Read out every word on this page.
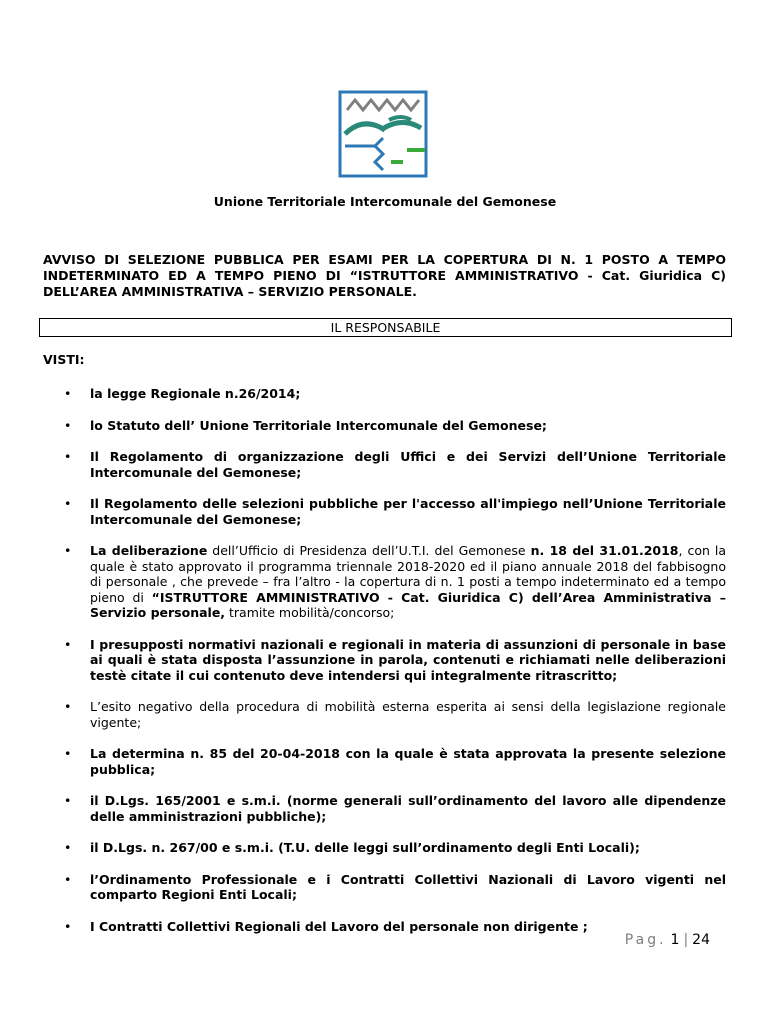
Unione Territoriale Intercomunale del Gemonese
AVVISO DI SELEZIONE PUBBLICA PER ESAMI PER LA COPERTURA DI N. 1 POSTO A TEMPO INDETERMINATO ED A TEMPO PIENO DI “ISTRUTTORE AMMINISTRATIVO - Cat. Giuridica C) DELL’AREA AMMINISTRATIVA – SERVIZIO PERSONALE.
IL RESPONSABILE
VISTI:
• la legge Regionale n.26/2014;
• lo Statuto dell’ Unione Territoriale Intercomunale del Gemonese;
• Il Regolamento di organizzazione degli Uffici e dei Servizi dell’Unione Territoriale Intercomunale del Gemonese;
• Il Regolamento delle selezioni pubbliche per l'accesso all'impiego nell’Unione Territoriale Intercomunale del Gemonese;
• La deliberazione dell’Ufficio di Presidenza dell’U.T.I. del Gemonese n. 18 del 31.01.2018, con la quale è stato approvato il programma triennale 2018-2020 ed il piano annuale 2018 del fabbisogno di personale , che prevede – fra l’altro - la copertura di n. 1 posti a tempo indeterminato ed a tempo pieno di “ISTRUTTORE AMMINISTRATIVO - Cat. Giuridica C) dell’Area Amministrativa – Servizio personale, tramite mobilità/concorso;
• I presupposti normativi nazionali e regionali in materia di assunzioni di personale in base ai quali è stata disposta l’assunzione in parola, contenuti e richiamati nelle deliberazioni testè citate il cui contenuto deve intendersi qui integralmente ritrascritto;
• L’esito negativo della procedura di mobilità esterna esperita ai sensi della legislazione regionale vigente;
• La determina n. 85 del 20-04-2018 con la quale è stata approvata la presente selezione pubblica;
• il D.Lgs. 165/2001 e s.m.i. (norme generali sull’ordinamento del lavoro alle dipendenze delle amministrazioni pubbliche);
• il D.Lgs. n. 267/00 e s.m.i. (T.U. delle leggi sull’ordinamento degli Enti Locali);
• l’Ordinamento Professionale e i Contratti Collettivi Nazionali di Lavoro vigenti nel comparto Regioni Enti Locali;
• I Contratti Collettivi Regionali del Lavoro del personale non dirigente ;
Pag. 1 | 24
